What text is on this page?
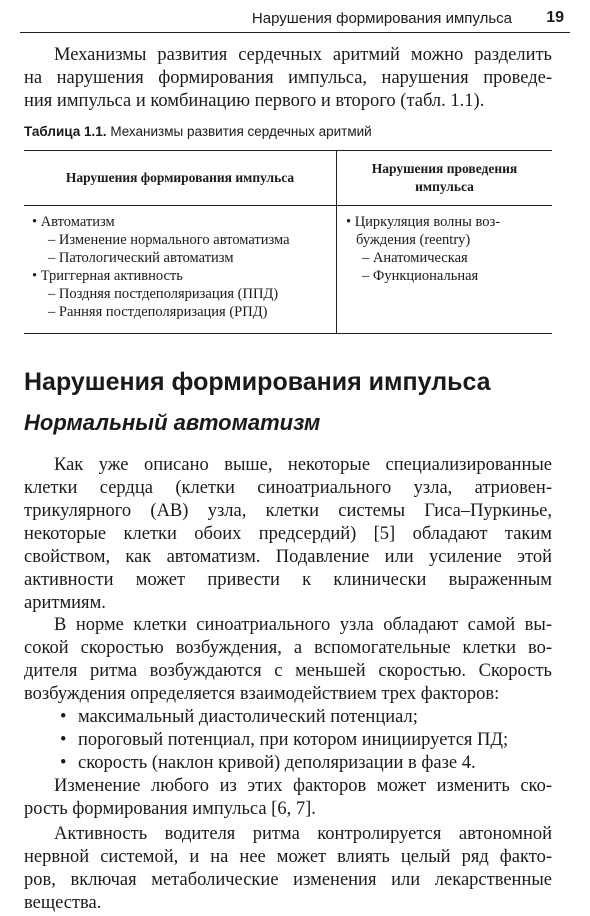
Нарушения формирования импульса 19

Механизмы развития сердечных аритмий можно разделить
на нарушения формирования импульса, нарушения проведе-
ния импульса и комбинацию первого и второго (табл. 1.1).

Таблица 1.1. Механизмы развития сердечных аритмий
Нарушения формирования импульса
Нарушения проведения
импульса
• Автоматизм
– Изменение нормального автоматизма
– Патологический автоматизм
• Триггерная активность
– Поздняя постдеполяризация (ППД)
– Ранняя постдеполяризация (РПД)
• Циркуляция волны воз-
буждения (reentry)
– Анатомическая
– Функциональная
Нарушения формирования импульса
Нормальный автоматизм

Как уже описано выше, некоторые специализированные
клетки сердца (клетки синоатриального узла, атриовен-
трикулярного (АВ) узла, клетки системы Гиса–Пуркинье,
некоторые клетки обоих предсердий) [5] обладают таким
свойством, как автоматизм. Подавление или усиление этой
активности может привести к клинически выраженным
аритмиям.

В норме клетки синоатриального узла обладают самой вы-
сокой скоростью возбуждения, а вспомогательные клетки во-
дителя ритма возбуждаются с меньшей скоростью. Скорость
возбуждения определяется взаимодействием трех факторов:

• максимальный диастолический потенциал;
• пороговый потенциал, при котором инициируется ПД;
• скорость (наклон кривой) деполяризации в фазе 4.

Изменение любого из этих факторов может изменить ско-
рость формирования импульса [6, 7].

Активность водителя ритма контролируется автономной
нервной системой, и на нее может влиять целый ряд факто-
ров, включая метаболические изменения или лекарственные
вещества.
